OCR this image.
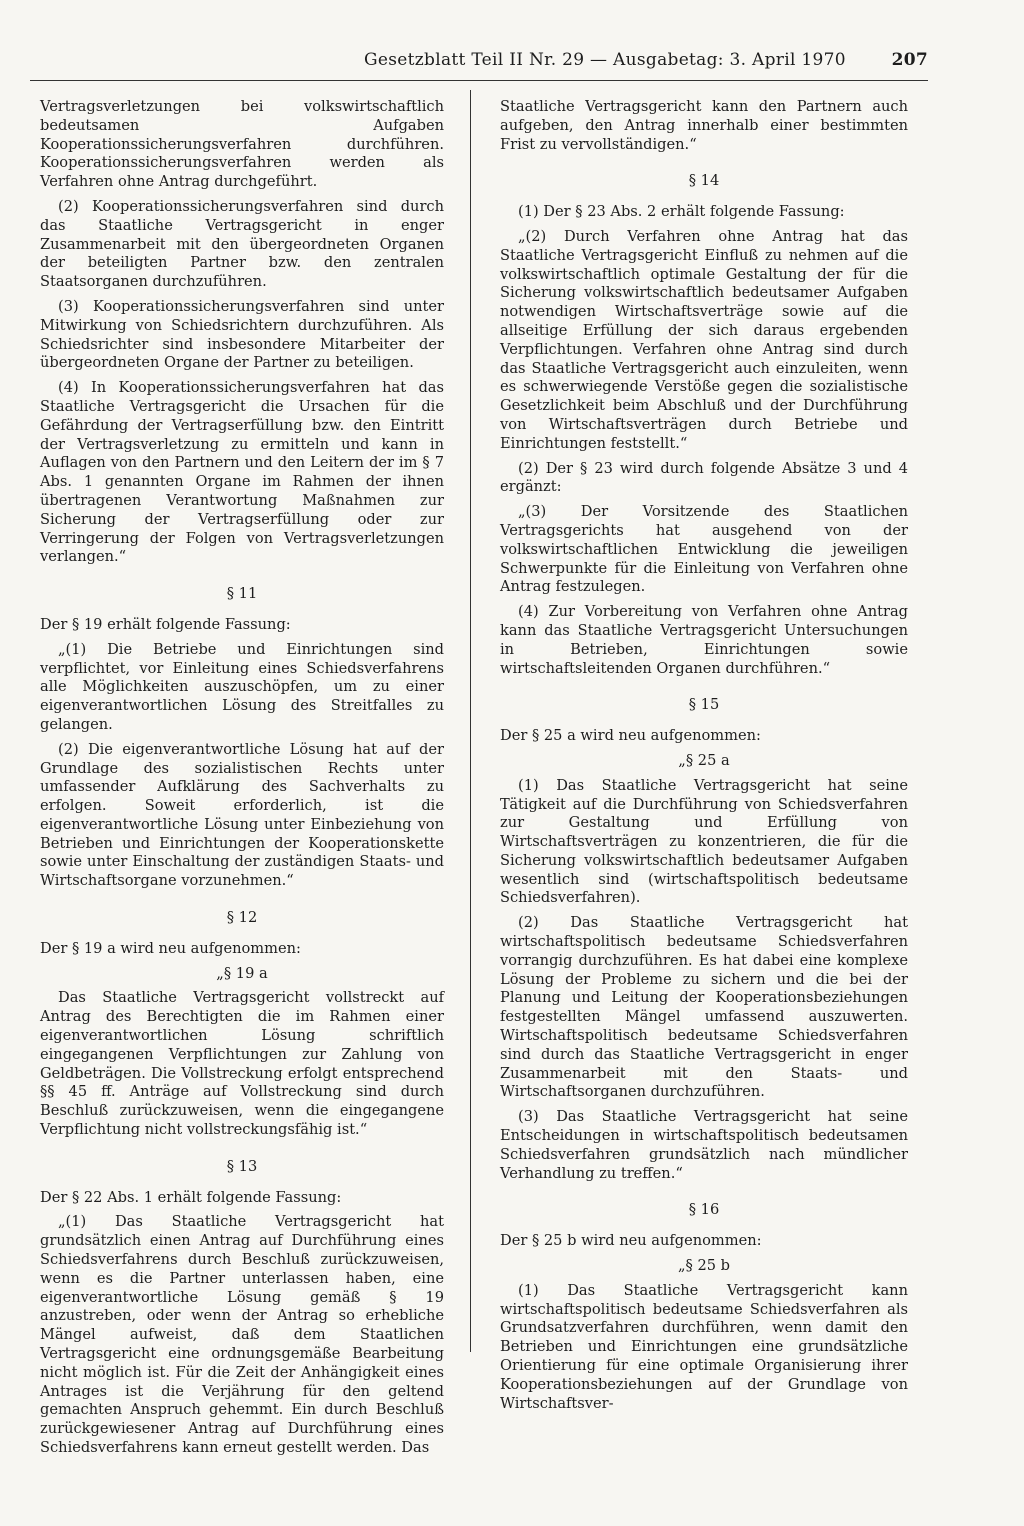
Gesetzblatt Teil II Nr. 29 — Ausgabetag: 3. April 1970	207

Vertragsverletzungen bei volkswirtschaftlich bedeutsamen Aufgaben Kooperationssicherungsverfahren durchführen. Kooperationssicherungsverfahren werden als Verfahren ohne Antrag durchgeführt.

(2) Kooperationssicherungsverfahren sind durch das Staatliche Vertragsgericht in enger Zusammenarbeit mit den übergeordneten Organen der beteiligten Partner bzw. den zentralen Staatsorganen durchzuführen.

(3) Kooperationssicherungsverfahren sind unter Mitwirkung von Schiedsrichtern durchzuführen. Als Schiedsrichter sind insbesondere Mitarbeiter der übergeordneten Organe der Partner zu beteiligen.

(4) In Kooperationssicherungsverfahren hat das Staatliche Vertragsgericht die Ursachen für die Gefährdung der Vertragserfüllung bzw. den Eintritt der Vertragsverletzung zu ermitteln und kann in Auflagen von den Partnern und den Leitern der im § 7 Abs. 1 genannten Organe im Rahmen der ihnen übertragenen Verantwortung Maßnahmen zur Sicherung der Vertragserfüllung oder zur Verringerung der Folgen von Vertragsverletzungen verlangen.“

§ 11

Der § 19 erhält folgende Fassung:

„(1) Die Betriebe und Einrichtungen sind verpflichtet, vor Einleitung eines Schiedsverfahrens alle Möglichkeiten auszuschöpfen, um zu einer eigenverantwortlichen Lösung des Streitfalles zu gelangen.

(2) Die eigenverantwortliche Lösung hat auf der Grundlage des sozialistischen Rechts unter umfassender Aufklärung des Sachverhalts zu erfolgen. Soweit erforderlich, ist die eigenverantwortliche Lösung unter Einbeziehung von Betrieben und Einrichtungen der Kooperationskette sowie unter Einschaltung der zuständigen Staats- und Wirtschaftsorgane vorzunehmen.“

§ 12

Der § 19 a wird neu aufgenommen:

„§ 19 a

Das Staatliche Vertragsgericht vollstreckt auf Antrag des Berechtigten die im Rahmen einer eigenverantwortlichen Lösung schriftlich eingegangenen Verpflichtungen zur Zahlung von Geldbeträgen. Die Vollstreckung erfolgt entsprechend §§ 45 ff. Anträge auf Vollstreckung sind durch Beschluß zurückzuweisen, wenn die eingegangene Verpflichtung nicht vollstreckungsfähig ist.“

§ 13

Der § 22 Abs. 1 erhält folgende Fassung:

„(1) Das Staatliche Vertragsgericht hat grundsätzlich einen Antrag auf Durchführung eines Schiedsverfahrens durch Beschluß zurückzuweisen, wenn es die Partner unterlassen haben, eine eigenverantwortliche Lösung gemäß § 19 anzustreben, oder wenn der Antrag so erhebliche Mängel aufweist, daß dem Staatlichen Vertragsgericht eine ordnungsgemäße Bearbeitung nicht möglich ist. Für die Zeit der Anhängigkeit eines Antrages ist die Verjährung für den geltend gemachten Anspruch gehemmt. Ein durch Beschluß zurückgewiesener Antrag auf Durchführung eines Schiedsverfahrens kann erneut gestellt werden. Das

Staatliche Vertragsgericht kann den Partnern auch aufgeben, den Antrag innerhalb einer bestimmten Frist zu vervollständigen.“

§ 14

(1) Der § 23 Abs. 2 erhält folgende Fassung:

„(2) Durch Verfahren ohne Antrag hat das Staatliche Vertragsgericht Einfluß zu nehmen auf die volkswirtschaftlich optimale Gestaltung der für die Sicherung volkswirtschaftlich bedeutsamer Aufgaben notwendigen Wirtschaftsverträge sowie auf die allseitige Erfüllung der sich daraus ergebenden Verpflichtungen. Verfahren ohne Antrag sind durch das Staatliche Vertragsgericht auch einzuleiten, wenn es schwerwiegende Verstöße gegen die sozialistische Gesetzlichkeit beim Abschluß und der Durchführung von Wirtschaftsverträgen durch Betriebe und Einrichtungen feststellt.“

(2) Der § 23 wird durch folgende Absätze 3 und 4 ergänzt:

„(3) Der Vorsitzende des Staatlichen Vertragsgerichts hat ausgehend von der volkswirtschaftlichen Entwicklung die jeweiligen Schwerpunkte für die Einleitung von Verfahren ohne Antrag festzulegen.

(4) Zur Vorbereitung von Verfahren ohne Antrag kann das Staatliche Vertragsgericht Untersuchungen in Betrieben, Einrichtungen sowie wirtschaftsleitenden Organen durchführen.“

§ 15

Der § 25 a wird neu aufgenommen:

„§ 25 a

(1) Das Staatliche Vertragsgericht hat seine Tätigkeit auf die Durchführung von Schiedsverfahren zur Gestaltung und Erfüllung von Wirtschaftsverträgen zu konzentrieren, die für die Sicherung volkswirtschaftlich bedeutsamer Aufgaben wesentlich sind (wirtschaftspolitisch bedeutsame Schiedsverfahren).

(2) Das Staatliche Vertragsgericht hat wirtschaftspolitisch bedeutsame Schiedsverfahren vorrangig durchzuführen. Es hat dabei eine komplexe Lösung der Probleme zu sichern und die bei der Planung und Leitung der Kooperationsbeziehungen festgestellten Mängel umfassend auszuwerten. Wirtschaftspolitisch bedeutsame Schiedsverfahren sind durch das Staatliche Vertragsgericht in enger Zusammenarbeit mit den Staats- und Wirtschaftsorganen durchzuführen.

(3) Das Staatliche Vertragsgericht hat seine Entscheidungen in wirtschaftspolitisch bedeutsamen Schiedsverfahren grundsätzlich nach mündlicher Verhandlung zu treffen.“

§ 16

Der § 25 b wird neu aufgenommen:

„§ 25 b

(1) Das Staatliche Vertragsgericht kann wirtschaftspolitisch bedeutsame Schiedsverfahren als Grundsatzverfahren durchführen, wenn damit den Betrieben und Einrichtungen eine grundsätzliche Orientierung für eine optimale Organisierung ihrer Kooperationsbeziehungen auf der Grundlage von Wirtschaftsver-
